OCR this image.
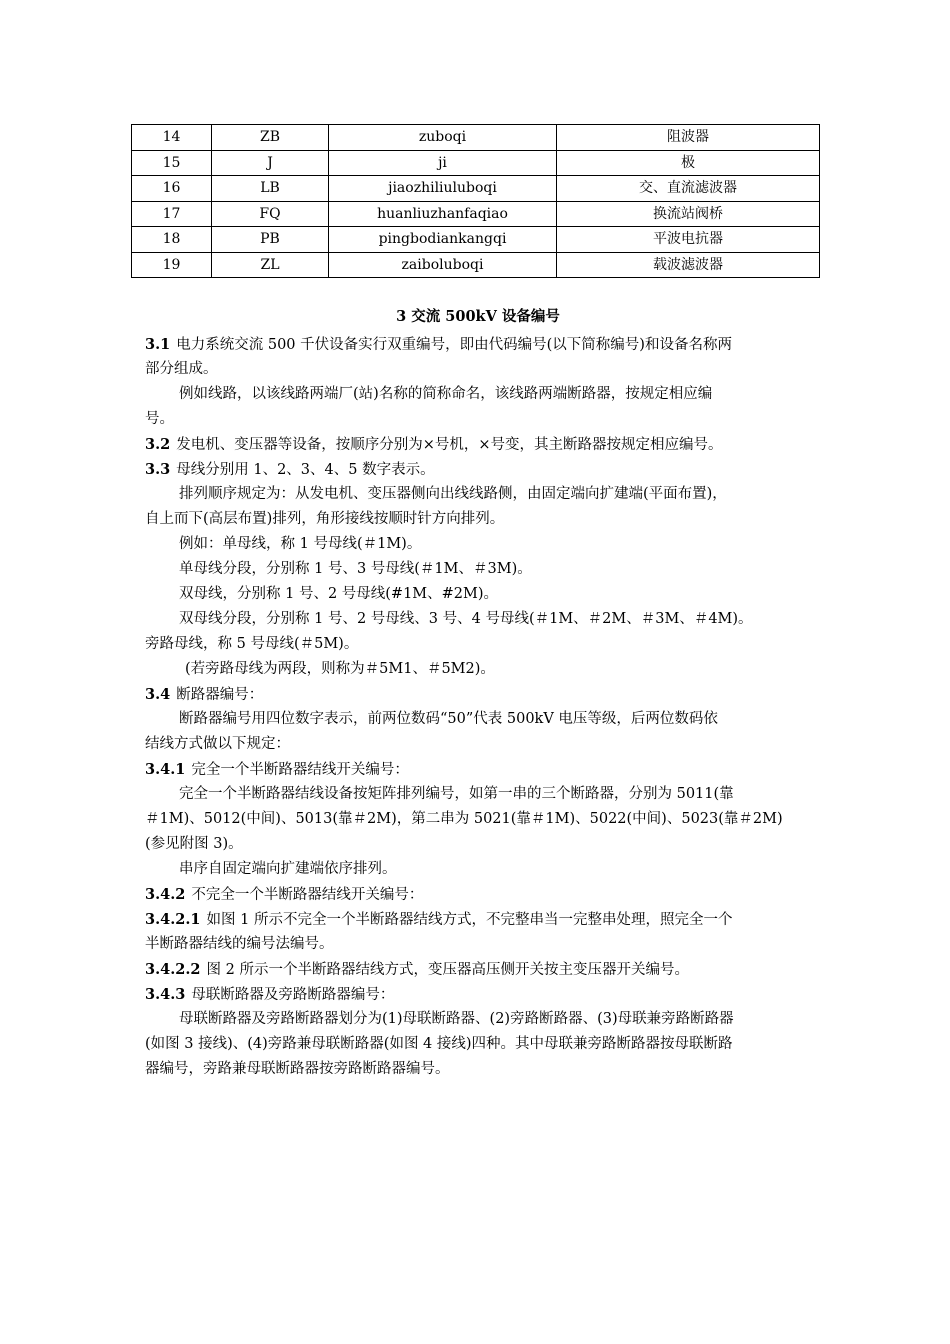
14	ZB	zuboqi	阻波器
15	J	ji	极
16	LB	jiaozhiliuluboqi	交、直流滤波器
17	FQ	huanliuzhanfaqiao	换流站阀桥
18	PB	pingbodiankangqi	平波电抗器
19	ZL	zaiboluboqi	载波滤波器
3 交流 500kV 设备编号
3.1 电力系统交流 500 千伏设备实行双重编号，即由代码编号(以下简称编号)和设备名称两
部分组成。
例如线路，以该线路两端厂(站)名称的简称命名，该线路两端断路器，按规定相应编
号。
3.2 发电机、变压器等设备，按顺序分别为×号机，×号变，其主断路器按规定相应编号。
3.3 母线分别用 1、2、3、4、5 数字表示。
排列顺序规定为：从发电机、变压器侧向出线线路侧，由固定端向扩建端(平面布置)，
自上而下(高层布置)排列，角形接线按顺时针方向排列。
例如：单母线，称 1 号母线(＃1M)。
单母线分段，分别称 1 号、3 号母线(＃1M、＃3M)。
双母线，分别称 1 号、2 号母线(#1M、#2M)。
双母线分段，分别称 1 号、2 号母线、3 号、4 号母线(＃1M、＃2M、＃3M、＃4M)。
旁路母线，称 5 号母线(＃5M)。
(若旁路母线为两段，则称为＃5M1、＃5M2)。
3.4 断路器编号：
断路器编号用四位数字表示，前两位数码“50”代表 500kV 电压等级，后两位数码依
结线方式做以下规定：
3.4.1 完全一个半断路器结线开关编号：
完全一个半断路器结线设备按矩阵排列编号，如第一串的三个断路器，分别为 5011(靠
＃1M)、5012(中间)、5013(靠＃2M)，第二串为 5021(靠＃1M)、5022(中间)、5023(靠＃2M)
(参见附图 3)。
串序自固定端向扩建端依序排列。
3.4.2 不完全一个半断路器结线开关编号：
3.4.2.1 如图 1 所示不完全一个半断路器结线方式，不完整串当一完整串处理，照完全一个
半断路器结线的编号法编号。
3.4.2.2 图 2 所示一个半断路器结线方式，变压器高压侧开关按主变压器开关编号。
3.4.3 母联断路器及旁路断路器编号：
母联断路器及旁路断路器划分为(1)母联断路器、(2)旁路断路器、(3)母联兼旁路断路器
(如图 3 接线)、(4)旁路兼母联断路器(如图 4 接线)四种。其中母联兼旁路断路器按母联断路
器编号，旁路兼母联断路器按旁路断路器编号。
